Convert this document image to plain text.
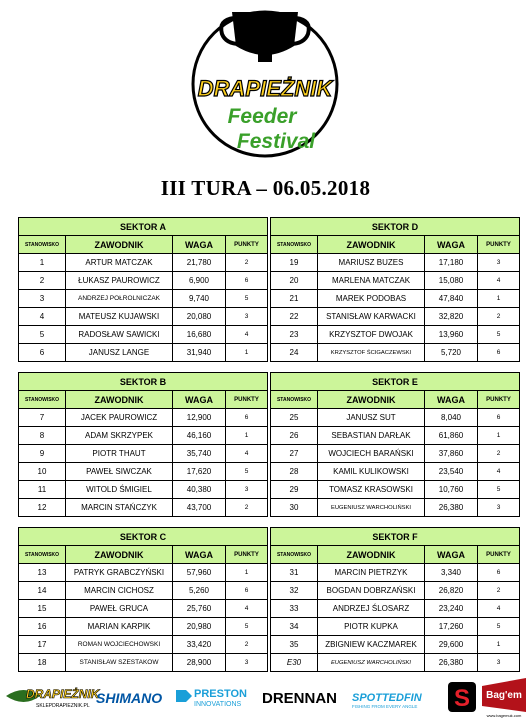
DRAPIEŻNIK
Feeder
Festival
III TURA – 06.05.2018
SEKTOR A			
STANOWISKO	ZAWODNIK	WAGA	PUNKTY
1	ARTUR MATCZAK	21,780	2
2	ŁUKASZ PAUROWICZ	6,900	6
3	ANDRZEJ POŁROLNICZAK	9,740	5
4	MATEUSZ KUJAWSKI	20,080	3
5	RADOSŁAW SAWICKI	16,680	4
6	JANUSZ LANGE	31,940	1
SEKTOR D			
STANOWISKO	ZAWODNIK	WAGA	PUNKTY
19	MARIUSZ BUZES	17,180	3
20	MARLENA MATCZAK	15,080	4
21	MAREK PODOBAS	47,840	1
22	STANISŁAW KARWACKI	32,820	2
23	KRZYSZTOF DWOJAK	13,960	5
24	KRZYSZTOF ŚCIGACZEWSKI	5,720	6
SEKTOR B			
STANOWISKO	ZAWODNIK	WAGA	PUNKTY
7	JACEK PAUROWICZ	12,900	6
8	ADAM SKRZYPEK	46,160	1
9	PIOTR THAUT	35,740	4
10	PAWEŁ SIWCZAK	17,620	5
11	WITOLD ŚMIGIEL	40,380	3
12	MARCIN STAŃCZYK	43,700	2
SEKTOR E			
STANOWISKO	ZAWODNIK	WAGA	PUNKTY
25	JANUSZ SUT	8,040	6
26	SEBASTIAN DARŁAK	61,860	1
27	WOJCIECH BARAŃSKI	37,860	2
28	KAMIL KULIKOWSKI	23,540	4
29	TOMASZ KRASOWSKI	10,760	5
30	EUGENIUSZ WARCHOLIŃSKI	26,380	3
SEKTOR C			
STANOWISKO	ZAWODNIK	WAGA	PUNKTY
13	PATRYK GRABCZYŃSKI	57,960	1
14	MARCIN CICHOSZ	5,260	6
15	PAWEŁ GRUCA	25,760	4
16	MARIAN KARPIK	20,980	5
17	ROMAN WOJCIECHOWSKI	33,420	2
18	STANISŁAW SZESTAKOW	28,900	3
SEKTOR F			
STANOWISKO	ZAWODNIK	WAGA	PUNKTY
31	MARCIN PIETRZYK	3,340	6
32	BOGDAN DOBRZAŃSKI	26,820	2
33	ANDRZEJ ŚLOSARZ	23,240	4
34	PIOTR KUPKA	17,260	5
35	ZBIGNIEW KACZMAREK	29,600	1
E30	EUGENIUSZ WARCHOLIŃSKI	26,380	3
DRAPIEŻNIK
SKLEPDRAPIEZNIK.PL SHIMANO	PRESTON
INNOVATIONS DRENNAN SPOTTEDFIN
FISHING FROM EVERY ANGLE S Bag'em
www.bagemuk.com
